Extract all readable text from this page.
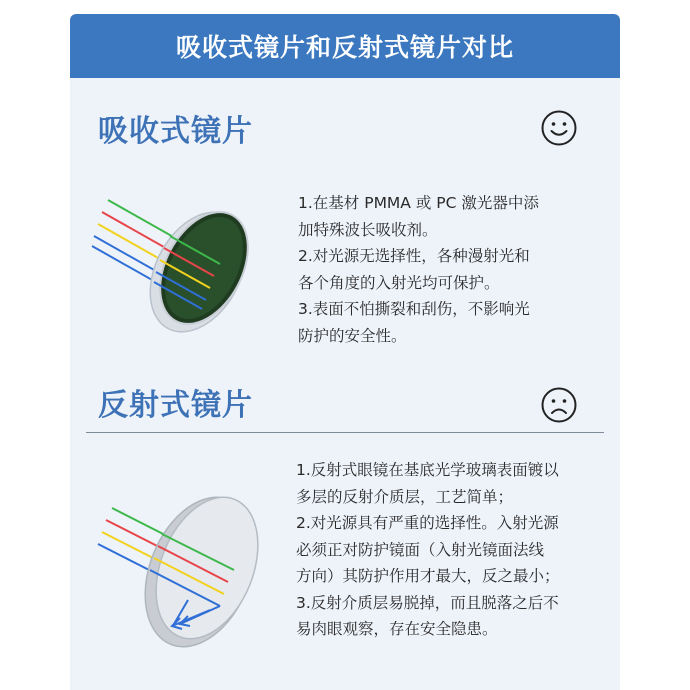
吸收式镜片和反射式镜片对比
吸收式镜片
1.在基材 PMMA 或 PC 激光器中添
加特殊波长吸收剂。
2.对光源无选择性，各种漫射光和
各个角度的入射光均可保护。
3.表面不怕撕裂和刮伤，不影响光
防护的安全性。
反射式镜片
1.反射式眼镜在基底光学玻璃表面镀以
多层的反射介质层，工艺简单；
2.对光源具有严重的选择性。入射光源
必须正对防护镜面（入射光镜面法线
方向）其防护作用才最大，反之最小；
3.反射介质层易脱掉，而且脱落之后不
易肉眼观察，存在安全隐患。
